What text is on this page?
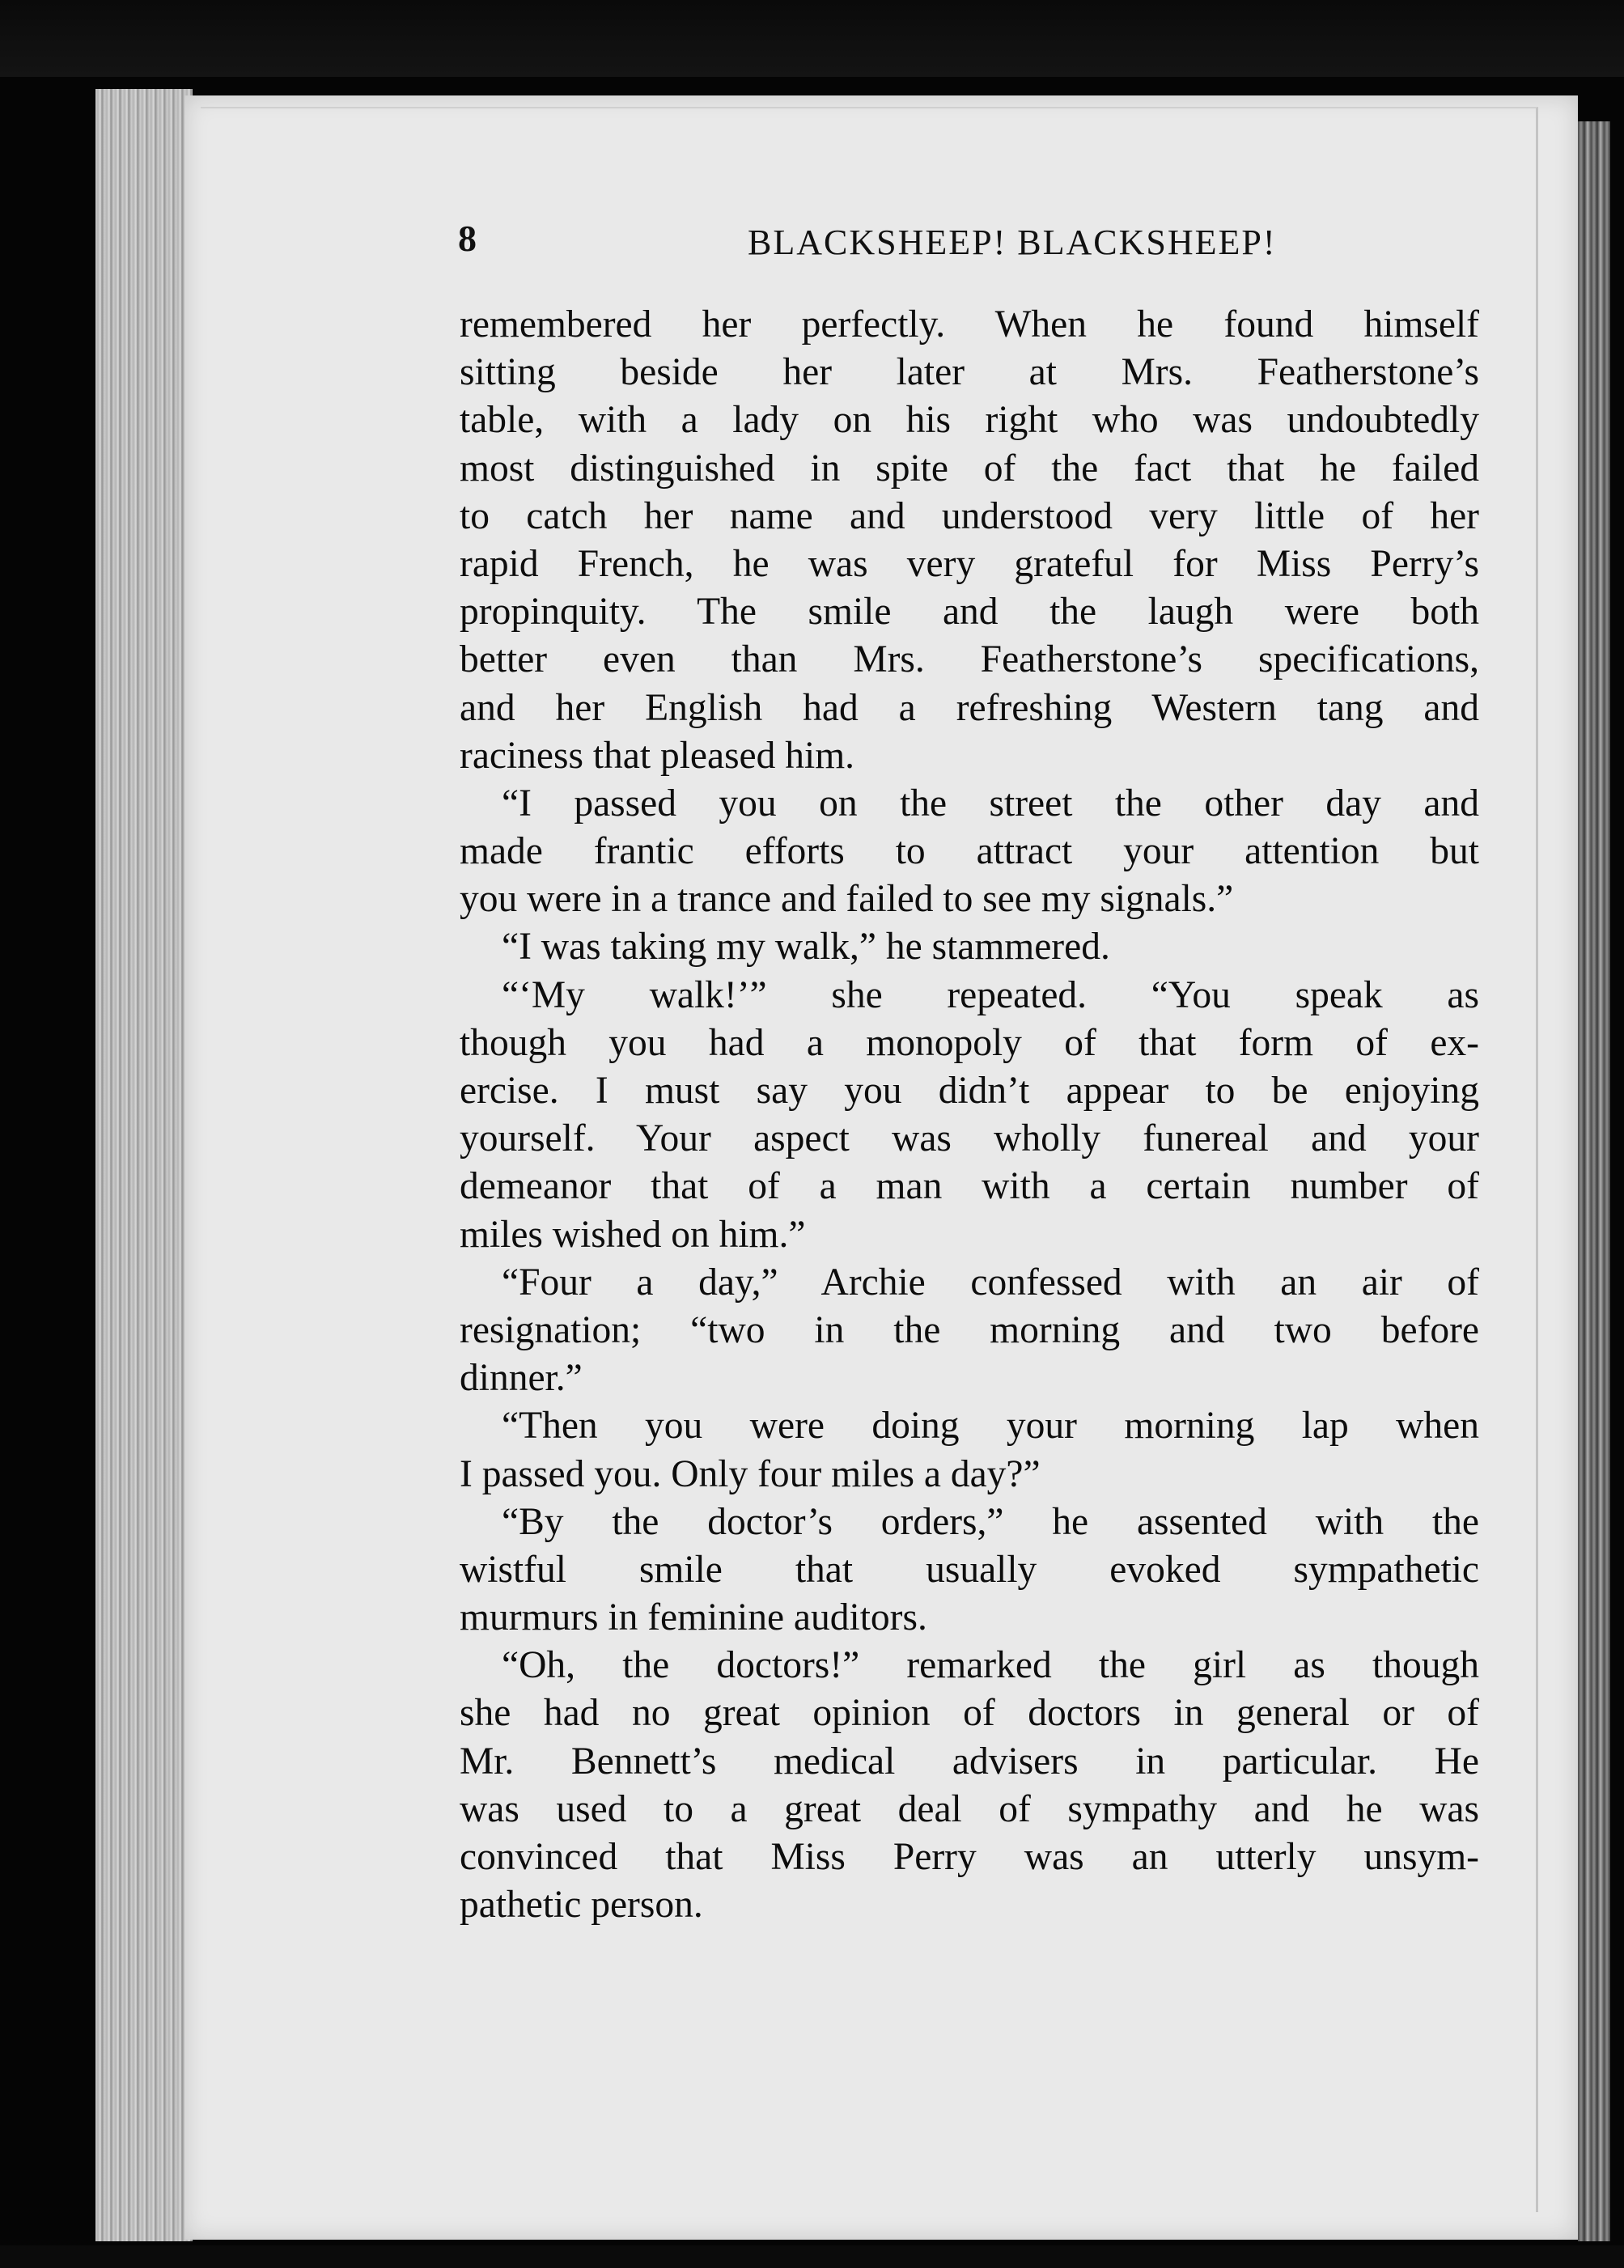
8	BLACKSHEEP! BLACKSHEEP!
remembered her perfectly. When he found himself
sitting beside her later at Mrs. Featherstone’s
table, with a lady on his right who was undoubtedly
most distinguished in spite of the fact that he failed
to catch her name and understood very little of her
rapid French, he was very grateful for Miss Perry’s
propinquity. The smile and the laugh were both
better even than Mrs. Featherstone’s specifications,
and her English had a refreshing Western tang and
raciness that pleased him.
“I passed you on the street the other day and
made frantic efforts to attract your attention but
you were in a trance and failed to see my signals.”
“I was taking my walk,” he stammered.
“‘My walk!’” she repeated. “You speak as
though you had a monopoly of that form of ex-
ercise. I must say you didn’t appear to be enjoying
yourself. Your aspect was wholly funereal and your
demeanor that of a man with a certain number of
miles wished on him.”
“Four a day,” Archie confessed with an air of
resignation; “two in the morning and two before
dinner.”
“Then you were doing your morning lap when
I passed you. Only four miles a day?”
“By the doctor’s orders,” he assented with the
wistful smile that usually evoked sympathetic
murmurs in feminine auditors.
“Oh, the doctors!” remarked the girl as though
she had no great opinion of doctors in general or of
Mr. Bennett’s medical advisers in particular. He
was used to a great deal of sympathy and he was
convinced that Miss Perry was an utterly unsym-
pathetic person.
